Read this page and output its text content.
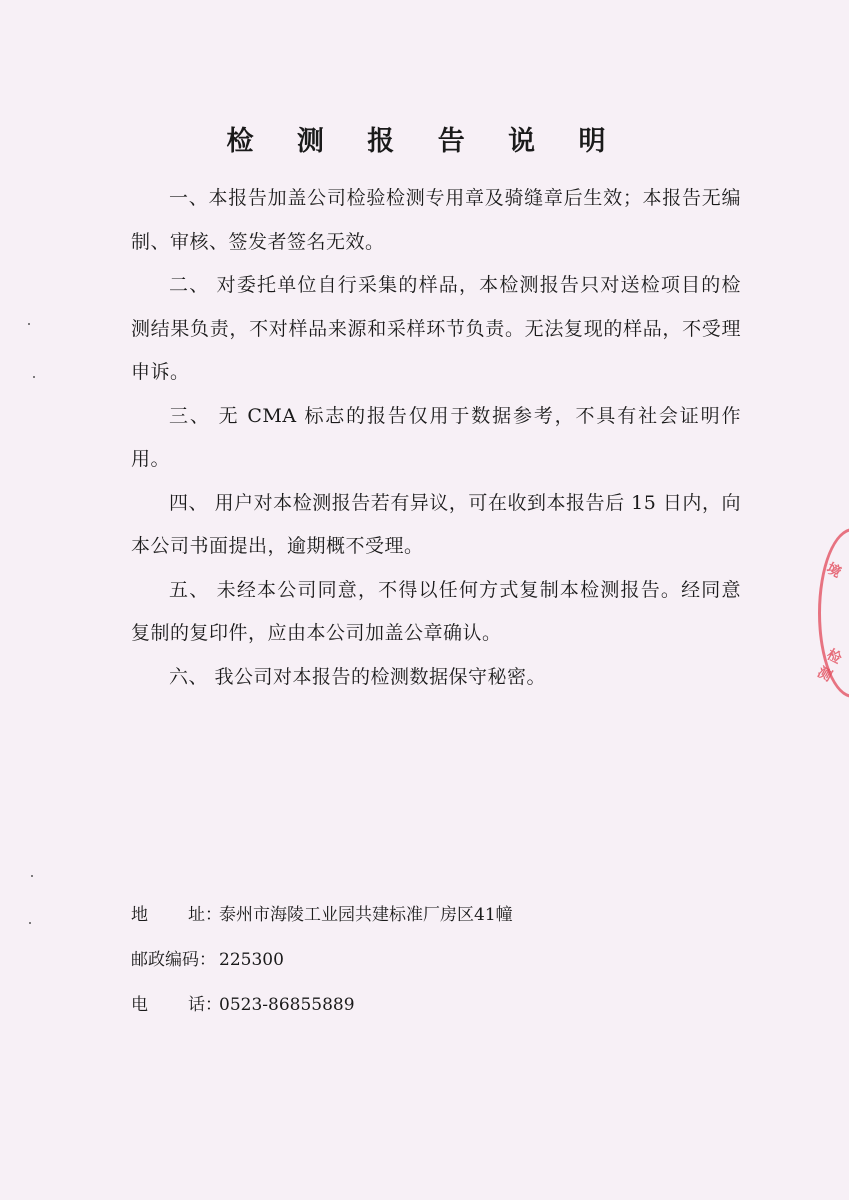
检 测 报 告 说 明

一、本报告加盖公司检验检测专用章及骑缝章后生效；本报告无编制、审核、签发者签名无效。

二、 对委托单位自行采集的样品，本检测报告只对送检项目的检测结果负责，不对样品来源和采样环节负责。无法复现的样品，不受理申诉。

三、 无 CMA 标志的报告仅用于数据参考，不具有社会证明作用。

四、 用户对本检测报告若有异议，可在收到本报告后 15 日内，向本公司书面提出，逾期概不受理。

五、 未经本公司同意，不得以任何方式复制本检测报告。经同意复制的复印件，应由本公司加盖公章确认。

六、 我公司对本报告的检测数据保守秘密。

地 址：泰州市海陵工业园共建标准厂房区41幢
邮政编码： 225300
电 话：0523-86855889
境
检测
